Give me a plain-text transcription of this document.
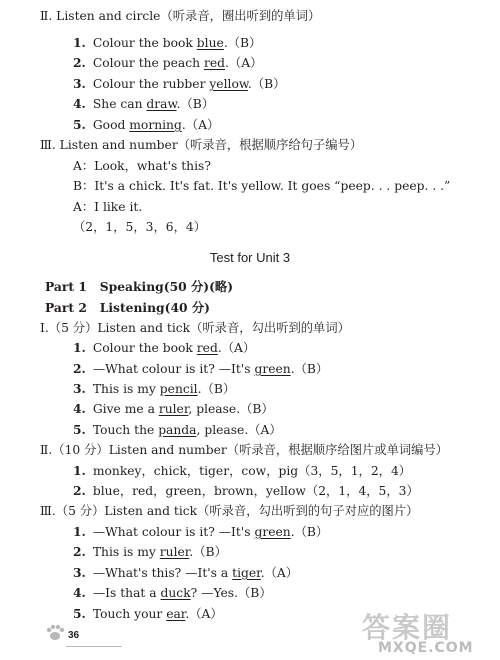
Ⅱ. Listen and circle（听录音，圈出听到的单词）
1. Colour the book blue.（B）
2. Colour the peach red.（A）
3. Colour the rubber yellow.（B）
4. She can draw.（B）
5. Good morning.（A）
Ⅲ. Listen and number（听录音，根据顺序给句子编号）
A：Look，what's this?
B：It's a chick. It's fat. It's yellow. It goes “peep. . . peep. . .”
A：I like it.
（2，1，5，3，6，4）
Test for Unit 3
Part 1 Speaking(50 分)(略)
Part 2 Listening(40 分)
Ⅰ.（5 分）Listen and tick（听录音，勾出听到的单词）
1. Colour the book red.（A）
2. —What colour is it? —It's green.（B）
3. This is my pencil.（B）
4. Give me a ruler, please.（B）
5. Touch the panda, please.（A）
Ⅱ.（10 分）Listen and number（听录音，根据顺序给图片或单词编号）
1. monkey，chick，tiger，cow，pig（3，5，1，2，4）
2. blue，red，green，brown，yellow（2，1，4，5，3）
Ⅲ.（5 分）Listen and tick（听录音，勾出听到的句子对应的图片）
1. —What colour is it? —It's green.（B）
2. This is my ruler.（B）
3. —What's this? —It's a tiger.（A）
4. —Is that a duck? —Yes.（B）
5. Touch your ear.（A）
36	答案圈
MXQE.COM
